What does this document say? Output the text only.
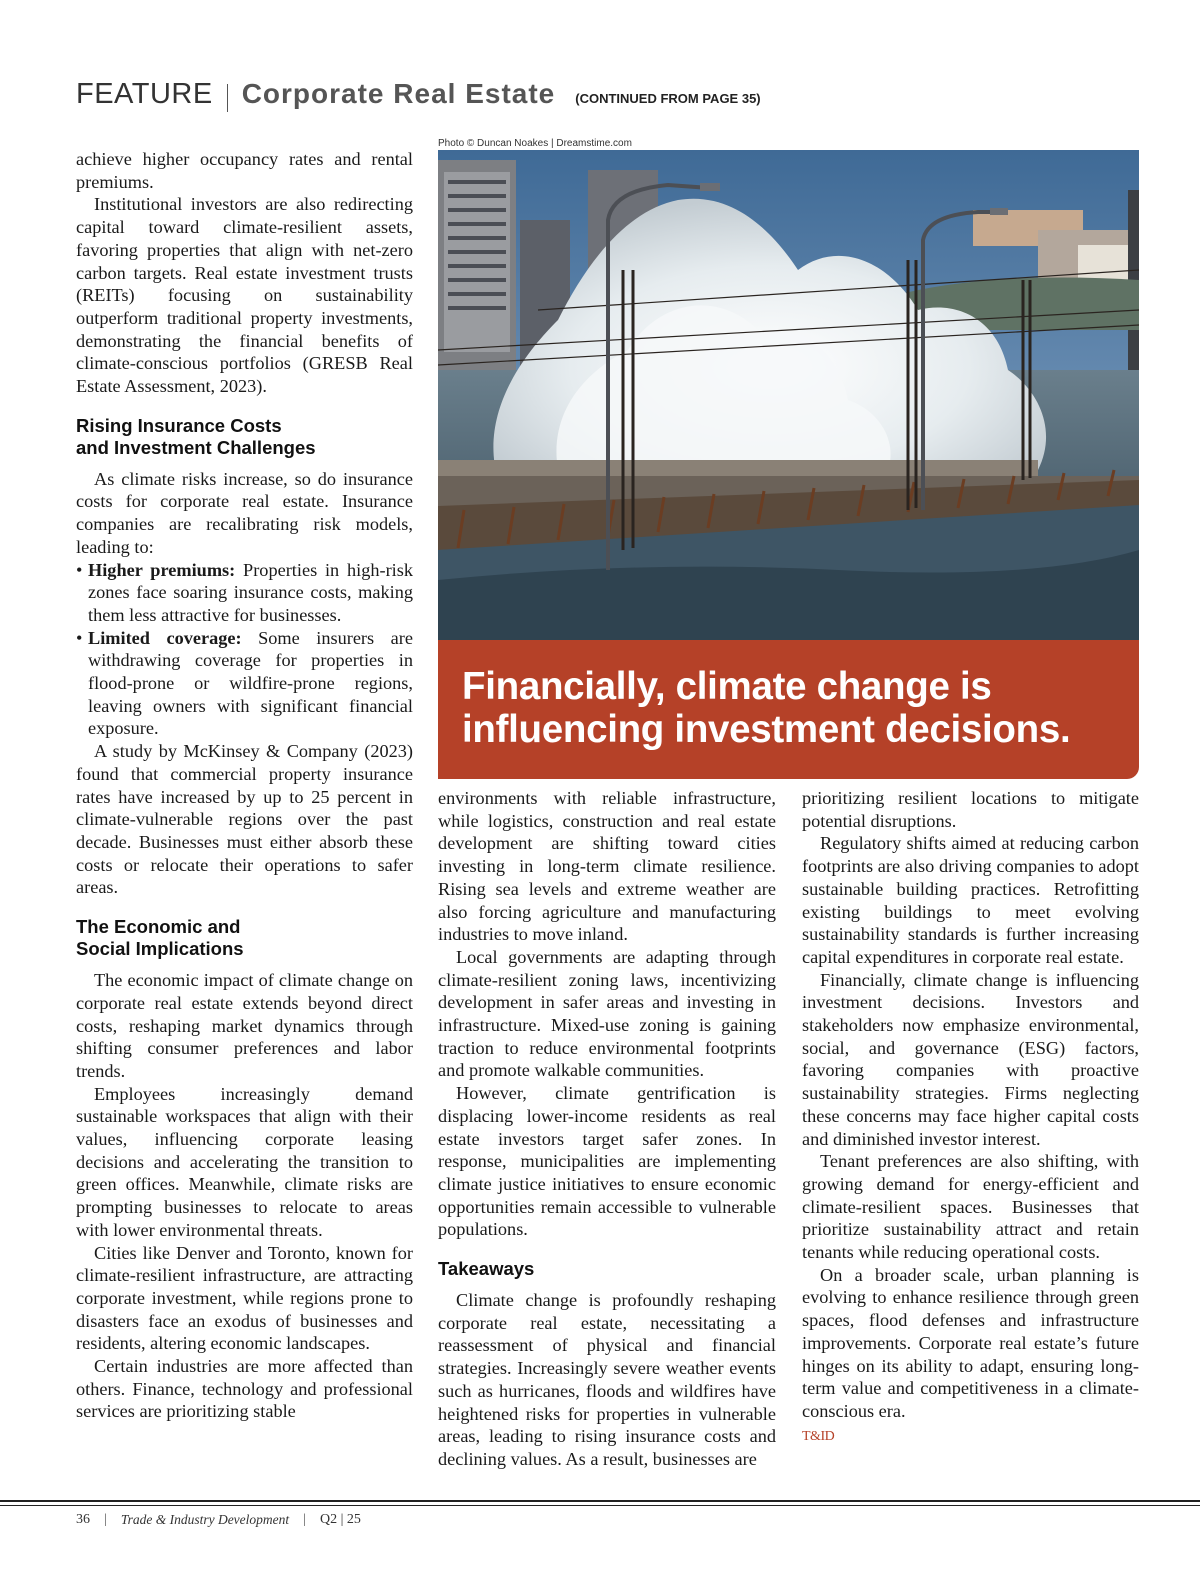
FEATURE Corporate Real Estate (CONTINUED FROM PAGE 35)

achieve higher occupancy rates and rental premiums.

Institutional investors are also redirecting capital toward climate-resilient assets, favoring properties that align with net-zero carbon targets. Real estate investment trusts (REITs) focusing on sustainability outperform traditional property investments, demonstrating the financial benefits of climate-conscious portfolios (GRESB Real Estate Assessment, 2023).

Rising Insurance Costs
and Investment Challenges

As climate risks increase, so do insurance costs for corporate real estate. Insurance companies are recalibrating risk models, leading to:

• Higher premiums: Properties in high-risk zones face soaring insurance costs, making them less attractive for businesses.
• Limited coverage: Some insurers are withdrawing coverage for properties in flood-prone or wildfire-prone regions, leaving owners with significant financial exposure.

A study by McKinsey & Company (2023) found that commercial property insurance rates have increased by up to 25 percent in climate-vulnerable regions over the past decade. Businesses must either absorb these costs or relocate their operations to safer areas.

The Economic and
Social Implications

The economic impact of climate change on corporate real estate extends beyond direct costs, reshaping market dynamics through shifting consumer preferences and labor trends.

Employees increasingly demand sustainable workspaces that align with their values, influencing corporate leasing decisions and accelerating the transition to green offices. Meanwhile, climate risks are prompting businesses to relocate to areas with lower environmental threats.

Cities like Denver and Toronto, known for climate-resilient infrastructure, are attracting corporate investment, while regions prone to disasters face an exodus of businesses and residents, altering economic landscapes.

Certain industries are more affected than others. Finance, technology and professional services are prioritizing stable

Photo © Duncan Noakes | Dreamstime.com
Financially, climate change is influencing investment decisions.

environments with reliable infrastructure, while logistics, construction and real estate development are shifting toward cities investing in long-term climate resilience. Rising sea levels and extreme weather are also forcing agriculture and manufacturing industries to move inland.

Local governments are adapting through climate-resilient zoning laws, incentivizing development in safer areas and investing in infrastructure. Mixed-use zoning is gaining traction to reduce environmental footprints and promote walkable communities.

However, climate gentrification is displacing lower-income residents as real estate investors target safer zones. In response, municipalities are implementing climate justice initiatives to ensure economic opportunities remain accessible to vulnerable populations.

Takeaways

Climate change is profoundly reshaping corporate real estate, necessitating a reassessment of physical and financial strategies. Increasingly severe weather events such as hurricanes, floods and wildfires have heightened risks for properties in vulnerable areas, leading to rising insurance costs and declining values. As a result, businesses are

prioritizing resilient locations to mitigate potential disruptions.

Regulatory shifts aimed at reducing carbon footprints are also driving companies to adopt sustainable building practices. Retrofitting existing buildings to meet evolving sustainability standards is further increasing capital expenditures in corporate real estate.

Financially, climate change is influencing investment decisions. Investors and stakeholders now emphasize environmental, social, and governance (ESG) factors, favoring companies with proactive sustainability strategies. Firms neglecting these concerns may face higher capital costs and diminished investor interest.

Tenant preferences are also shifting, with growing demand for energy-efficient and climate-resilient spaces. Businesses that prioritize sustainability attract and retain tenants while reducing operational costs.

On a broader scale, urban planning is evolving to enhance resilience through green spaces, flood defenses and infrastructure improvements. Corporate real estate’s future hinges on its ability to adapt, ensuring long-term value and competitiveness in a climate-conscious era.

T&ID

36 | Trade & Industry Development | Q2 | 25
